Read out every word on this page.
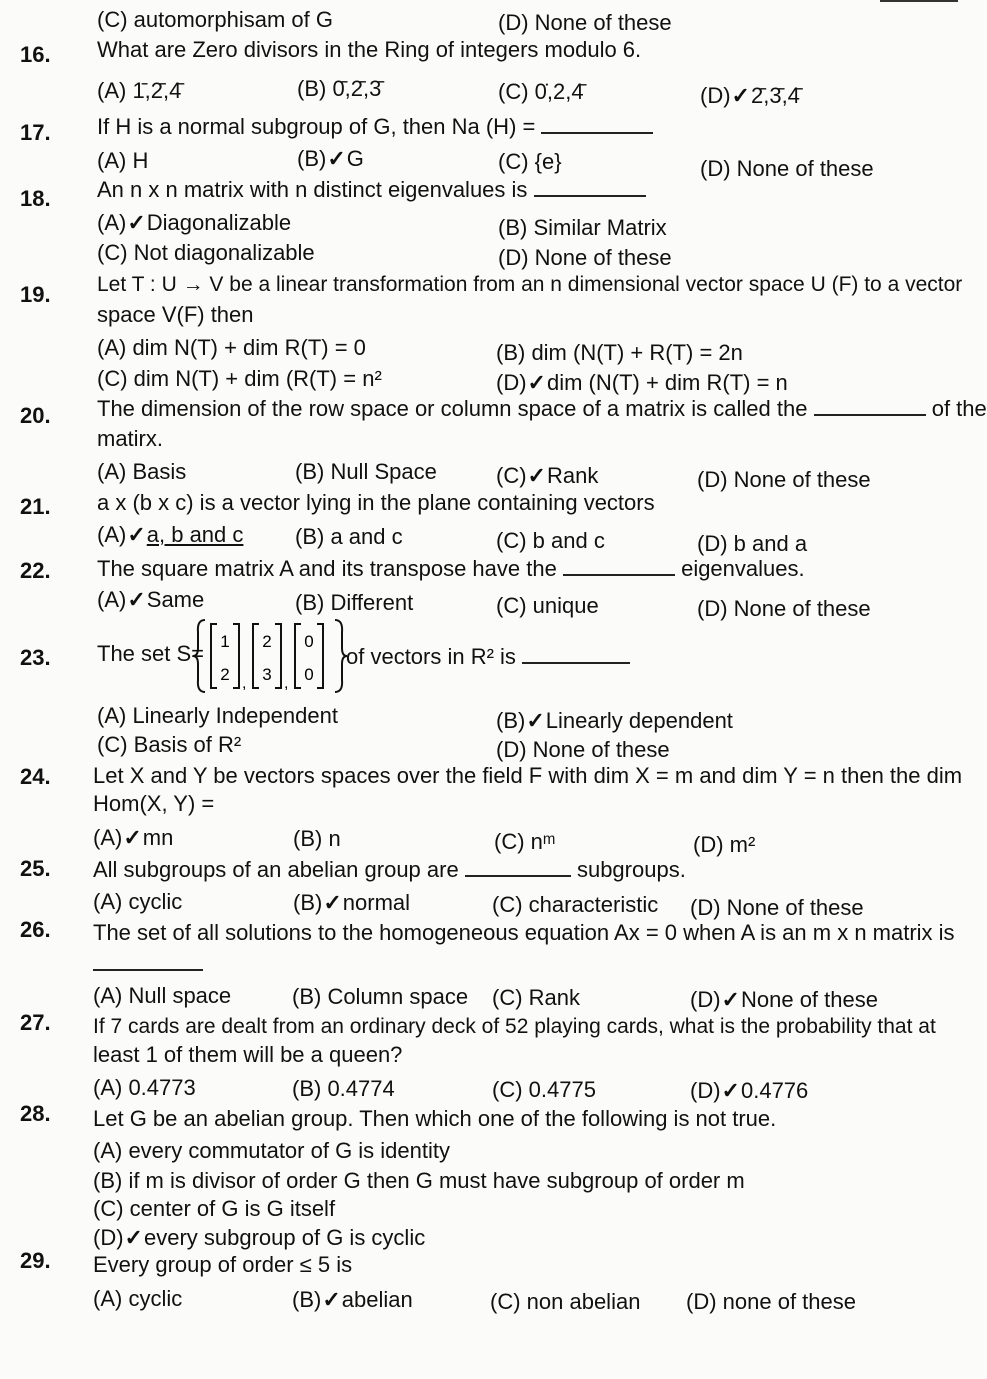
(C) automorphisam of G	(D) None of these
16. What are Zero divisors in the Ring of integers modulo 6.
(A) 1̄,2̄,4̄	(B) 0̄,2̄,3̄	(C) 0̇,2,4̄	(D)✓2̄,3̄,4̄
17. If H is a normal subgroup of G, then Na (H) =
(A) H	(B)✓G	(C) {e}	(D) None of these
18. An n x n matrix with n distinct eigenvalues is
(A)✓Diagonalizable	(B) Similar Matrix
(C) Not diagonalizable	(D) None of these
19. Let T : U → V be a linear transformation from an n dimensional vector space U (F) to a vector
space V(F) then
(A) dim N(T) + dim R(T) = 0	(B) dim (N(T) + R(T) = 2n
(C) dim N(T) + dim (R(T) = n²	(D)✓dim (N(T) + dim R(T) = n
20. The dimension of the row space or column space of a matrix is called the	of the
matirx.
(A) Basis	(B) Null Space	(C)✓Rank	(D) None of these
21. a x (b x c) is a vector lying in the plane containing vectors
(A)✓a, b and c (B) a and c	(C) b and c	(D) b and a
22. The square matrix A and its transpose have the	eigenvalues.
(A)✓Same	(B) Different	(C) unique	(D) None of these
23. The set S=
, ,
1
2
2
3
0
0
of vectors in R² is
(A) Linearly Independent	(B)✓Linearly dependent
(C) Basis of R²	(D) None of these
24. Let X and Y be vectors spaces over the field F with dim X = m and dim Y = n then the dim
Hom(X, Y) =
(A)✓mn	(B) n	(C) nᵐ	(D) m²
25. All subgroups of an abelian group are	subgroups.
(A) cyclic	(B)✓normal	(C) characteristic (D) None of these
26. The set of all solutions to the homogeneous equation Ax = 0 when A is an m x n matrix is
(A) Null space	(B) Column space (C) Rank	(D)✓None of these
27. If 7 cards are dealt from an ordinary deck of 52 playing cards, what is the probability that at
least 1 of them will be a queen?
(A) 0.4773	(B) 0.4774	(C) 0.4775	(D)✓0.4776
28. Let G be an abelian group. Then which one of the following is not true.
(A) every commutator of G is identity
(B) if m is divisor of order G then G must have subgroup of order m
(C) center of G is G itself
(D)✓every subgroup of G is cyclic
29. Every group of order ≤ 5 is
(A) cyclic	(B)✓abelian	(C) non abelian (D) none of these
